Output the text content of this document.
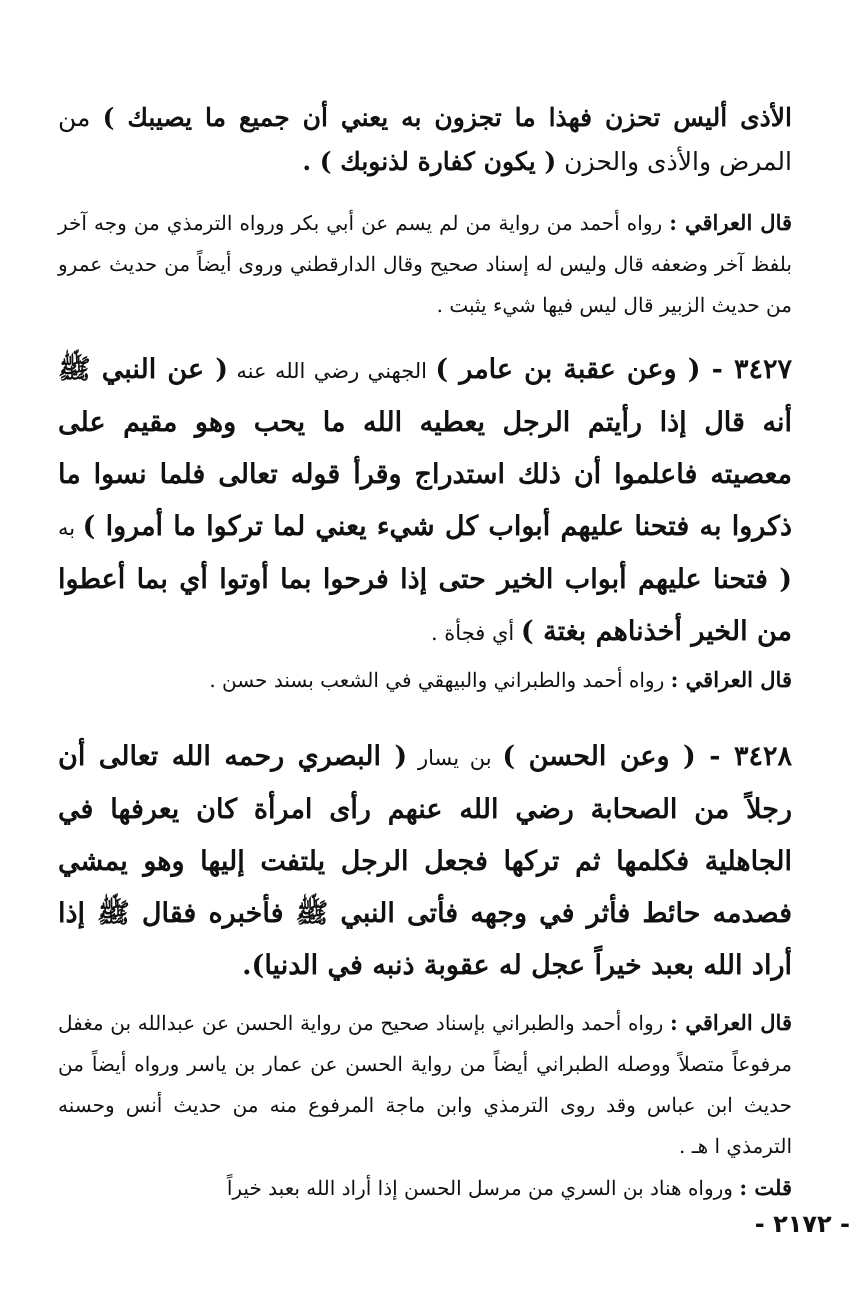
الأذى أليس تحزن فهذا ما تجزون به يعني أن جميع ما يصيبك ) من المرض والأذى والحزن ( يكون كفارة لذنوبك ) .

قال العراقي : رواه أحمد من رواية من لم يسم عن أبي بكر ورواه الترمذي من وجه آخر بلفظ آخر وضعفه قال وليس له إسناد صحيح وقال الدارقطني وروى أيضاً من حديث عمرو من حديث الزبير قال ليس فيها شيء يثبت .

٣٤٢٧ - ( وعن عقبة بن عامر ) الجهني رضي الله عنه ( عن النبي ﷺ أنه قال إذا رأيتم الرجل يعطيه الله ما يحب وهو مقيم على معصيته فاعلموا أن ذلك استدراج وقرأ قوله تعالى فلما نسوا ما ذكروا به فتحنا عليهم أبواب كل شيء يعني لما تركوا ما أمروا ) به ( فتحنا عليهم أبواب الخير حتى إذا فرحوا بما أوتوا أي بما أعطوا من الخير أخذناهم بغتة ) أي فجأة .

قال العراقي : رواه أحمد والطبراني والبيهقي في الشعب بسند حسن .

٣٤٢٨ - ( وعن الحسن ) بن يسار ( البصري رحمه الله تعالى أن رجلاً من الصحابة رضي الله عنهم رأى امرأة كان يعرفها في الجاهلية فكلمها ثم تركها فجعل الرجل يلتفت إليها وهو يمشي فصدمه حائط فأثر في وجهه فأتى النبي ﷺ فأخبره فقال ﷺ إذا أراد الله بعبد خيراً عجل له عقوبة ذنبه في الدنيا).

قال العراقي : رواه أحمد والطبراني بإسناد صحيح من رواية الحسن عن عبدالله بن مغفل مرفوعاً متصلاً ووصله الطبراني أيضاً من رواية الحسن عن عمار بن ياسر ورواه أيضاً من حديث ابن عباس وقد روى الترمذي وابن ماجة المرفوع منه من حديث أنس وحسنه الترمذي ا هـ .

قلت : ورواه هناد بن السري من مرسل الحسن إذا أراد الله بعبد خيراً

- ٢١٧٢ -
